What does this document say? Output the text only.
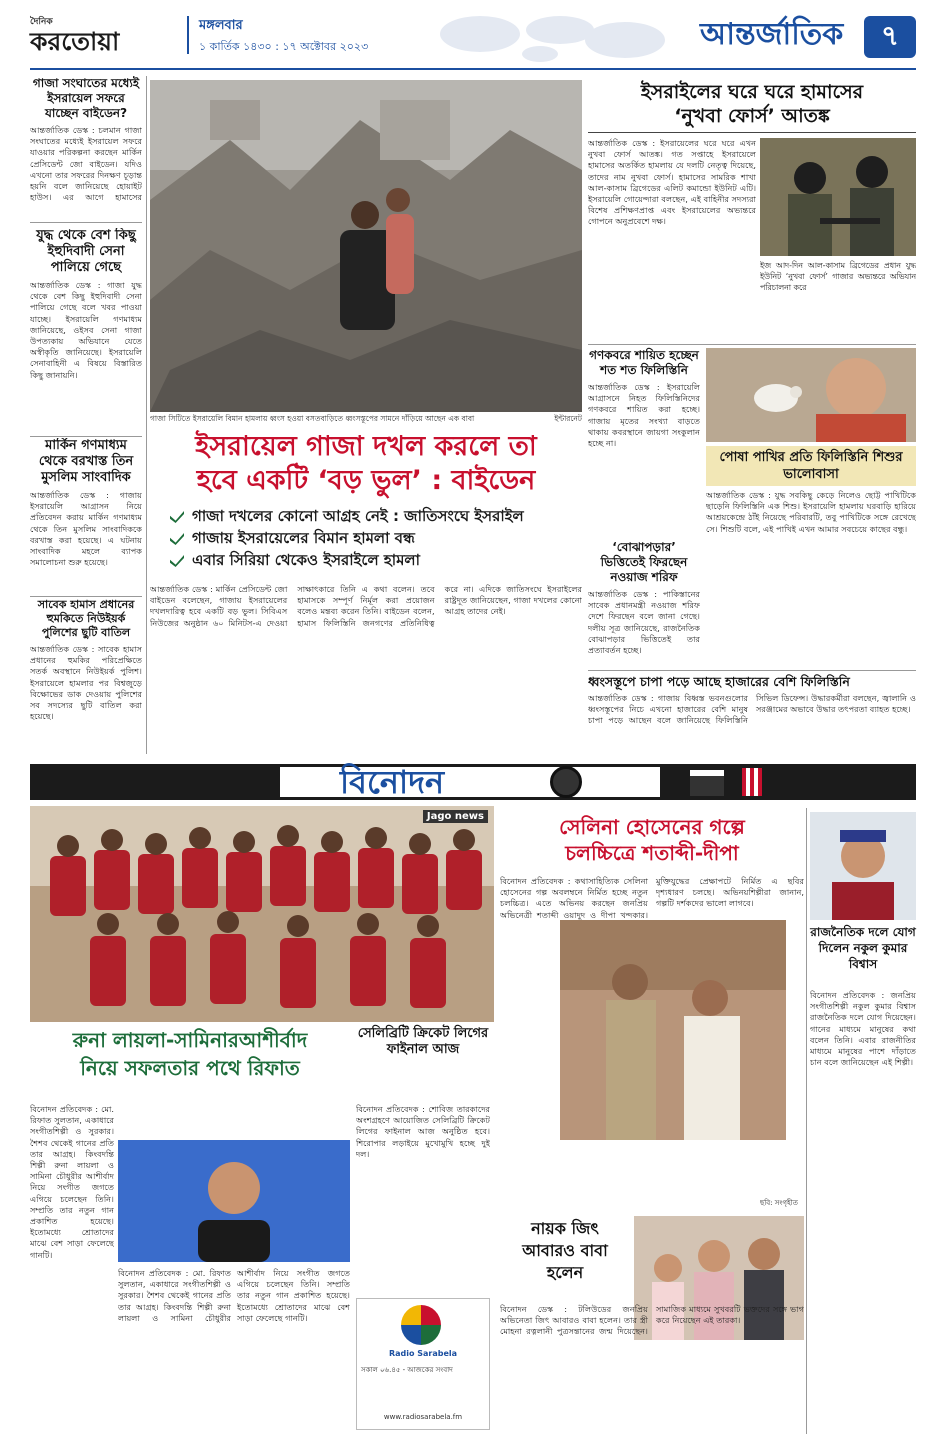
দৈনিক
করতোয়া
মঙ্গলবার
১ কার্তিক ১৪৩০ : ১৭ অক্টোবর ২০২৩	আন্তর্জাতিক ৭
গাজা সংঘাতের মধ্যেই ইসরায়েল সফরে যাচ্ছেন বাইডেন?
আন্তর্জাতিক ডেস্ক : চলমান গাজা সংঘাতের মধ্যেই ইসরায়েল সফরে যাওয়ার পরিকল্পনা করছেন মার্কিন প্রেসিডেন্ট জো বাইডেন। যদিও এখনো তার সফরের দিনক্ষণ চূড়ান্ত হয়নি বলে জানিয়েছে হোয়াইট হাউস। এর আগে হামাসের
যুদ্ধ থেকে বেশ কিছু ইহুদিবাদী সেনা পালিয়ে গেছে
আন্তর্জাতিক ডেস্ক : গাজা যুদ্ধ থেকে বেশ কিছু ইহুদিবাদী সেনা পালিয়ে গেছে বলে খবর পাওয়া যাচ্ছে। ইসরায়েলি গণমাধ্যম জানিয়েছে, ওইসব সেনা গাজা উপত্যকায় অভিযানে যেতে অস্বীকৃতি জানিয়েছে। ইসরায়েলি সেনাবাহিনী এ বিষয়ে বিস্তারিত কিছু জানায়নি।
মার্কিন গণমাধ্যম থেকে বরখাস্ত তিন মুসলিম সাংবাদিক
আন্তর্জাতিক ডেস্ক : গাজায় ইসরায়েলি আগ্রাসন নিয়ে প্রতিবেদন করায় মার্কিন গণমাধ্যম থেকে তিন মুসলিম সাংবাদিককে বরখাস্ত করা হয়েছে। এ ঘটনায় সাংবাদিক মহলে ব্যাপক সমালোচনা শুরু হয়েছে।
সাবেক হামাস প্রধানের হুমকিতে নিউইয়র্ক পুলিশের ছুটি বাতিল
আন্তর্জাতিক ডেস্ক : সাবেক হামাস প্রধানের হুমকির পরিপ্রেক্ষিতে সতর্ক অবস্থানে নিউইয়র্ক পুলিশ। ইসরায়েলে হামলার পর বিশ্বজুড়ে বিক্ষোভের ডাক দেওয়ায় পুলিশের সব সদস্যের ছুটি বাতিল করা হয়েছে।
গাজা সিটিতে ইসরায়েলি বিমান হামলায় ধ্বংস হওয়া বসতবাড়িতে ধ্বংসস্তূপের সামনে দাঁড়িয়ে আছেন এক বাবা	ইন্টারনেট
ইসরাইলের ঘরে ঘরে হামাসের
‘নুখবা ফোর্স’ আতঙ্ক
আন্তর্জাতিক ডেস্ক : ইসরায়েলের ঘরে ঘরে এখন নুখবা ফোর্স আতঙ্ক। গত সপ্তাহে ইসরায়েলে হামাসের অতর্কিত হামলায় যে দলটি নেতৃত্ব দিয়েছে, তাদের নাম নুখবা ফোর্স। হামাসের সামরিক শাখা আল-কাসাম ব্রিগেডের এলিট কমান্ডো ইউনিট এটি। ইসরায়েলি গোয়েন্দারা বলছেন, এই বাহিনীর সদস্যরা বিশেষ প্রশিক্ষণপ্রাপ্ত এবং ইসরায়েলের অভ্যন্তরে গোপনে অনুপ্রবেশে দক্ষ।
ইজ আদ-দিন আল-কাসাম ব্রিগেডের প্রধান যুদ্ধ ইউনিট ‘নুখবা ফোর্স’ গাজার অভ্যন্তরে অভিযান পরিচালনা করে
গণকবরে শায়িত হচ্ছেন শত শত ফিলিস্তিনি
আন্তর্জাতিক ডেস্ক : ইসরায়েলি আগ্রাসনে নিহত ফিলিস্তিনিদের গণকবরে শায়িত করা হচ্ছে। গাজায় মৃতের সংখ্যা বাড়তে থাকায় কবরস্থানে জায়গা সংকুলান হচ্ছে না।
ইসরায়েল গাজা দখল করলে তা
হবে একটি ‘বড় ভুল’ : বাইডেন
গাজা দখলের কোনো আগ্রহ নেই : জাতিসংঘে ইসরাইল
গাজায় ইসরায়েলের বিমান হামলা বন্ধ
এবার সিরিয়া থেকেও ইসরাইলে হামলা
আন্তর্জাতিক ডেস্ক : মার্কিন প্রেসিডেন্ট জো বাইডেন বলেছেন, গাজায় ইসরায়েলের দখলদারিত্ব হবে একটি বড় ভুল। সিবিএস নিউজের অনুষ্ঠান ৬০ মিনিটস-এ দেওয়া সাক্ষাৎকারে তিনি এ কথা বলেন। তবে হামাসকে সম্পূর্ণ নির্মূল করা প্রয়োজন বলেও মন্তব্য করেন তিনি। বাইডেন বলেন, হামাস ফিলিস্তিনি জনগণের প্রতিনিধিত্ব করে না। এদিকে জাতিসংঘে ইসরাইলের রাষ্ট্রদূত জানিয়েছেন, গাজা দখলের কোনো আগ্রহ তাদের নেই।
‘বোঝাপড়ার’ ভিত্তিতেই ফিরছেন নওয়াজ শরিফ
আন্তর্জাতিক ডেস্ক : পাকিস্তানের সাবেক প্রধানমন্ত্রী নওয়াজ শরিফ দেশে ফিরছেন বলে জানা গেছে। দলীয় সূত্র জানিয়েছে, রাজনৈতিক বোঝাপড়ার ভিত্তিতেই তার প্রত্যাবর্তন হচ্ছে।
পোষা পাখির প্রতি ফিলিস্তিনি শিশুর ভালোবাসা
আন্তর্জাতিক ডেস্ক : যুদ্ধ সবকিছু কেড়ে নিলেও ছোট্ট পাখিটিকে ছাড়েনি ফিলিস্তিনি এক শিশু। ইসরায়েলি হামলায় ঘরবাড়ি হারিয়ে আশ্রয়কেন্দ্রে ঠাঁই নিয়েছে পরিবারটি, তবু পাখিটিকে সঙ্গে রেখেছে সে। শিশুটি বলে, এই পাখিই এখন আমার সবচেয়ে কাছের বন্ধু।
ধ্বংসস্তূপে চাপা পড়ে আছে হাজারের বেশি ফিলিস্তিনি
আন্তর্জাতিক ডেস্ক : গাজায় বিধ্বস্ত ভবনগুলোর ধ্বংসস্তূপের নিচে এখনো হাজারের বেশি মানুষ চাপা পড়ে আছেন বলে জানিয়েছে ফিলিস্তিনি সিভিল ডিফেন্স। উদ্ধারকর্মীরা বলছেন, জ্বালানি ও সরঞ্জামের অভাবে উদ্ধার তৎপরতা ব্যাহত হচ্ছে।
বিনোদন
Jago news	সেলিনা হোসেনের গল্পে
চলচ্চিত্রে শতাব্দী-দীপা
বিনোদন প্রতিবেদক : কথাসাহিত্যিক সেলিনা হোসেনের গল্প অবলম্বনে নির্মিত হচ্ছে নতুন চলচ্চিত্র। এতে অভিনয় করছেন জনপ্রিয় অভিনেত্রী শতাব্দী ওয়াদুদ ও দীপা খন্দকার। মুক্তিযুদ্ধের প্রেক্ষাপটে নির্মিত এ ছবির দৃশ্যধারণ চলছে। অভিনয়শিল্পীরা জানান, গল্পটি দর্শকদের ভালো লাগবে।
ছবি: সংগৃহীত
রাজনৈতিক দলে যোগ দিলেন নকুল কুমার বিশ্বাস
বিনোদন প্রতিবেদক : জনপ্রিয় সংগীতশিল্পী নকুল কুমার বিশ্বাস রাজনৈতিক দলে যোগ দিয়েছেন। গানের মাধ্যমে মানুষের কথা বলেন তিনি। এবার রাজনীতির মাধ্যমে মানুষের পাশে দাঁড়াতে চান বলে জানিয়েছেন এই শিল্পী।
রুনা লায়লা-সামিনারআশীর্বাদ
নিয়ে সফলতার পথে রিফাত
বিনোদন প্রতিবেদক : মো. রিফাত সুলতান, একাধারে সংগীতশিল্পী ও সুরকার। শৈশব থেকেই গানের প্রতি তার আগ্রহ। কিংবদন্তি শিল্পী রুনা লায়লা ও সামিনা চৌধুরীর আশীর্বাদ নিয়ে সংগীত জগতে এগিয়ে চলেছেন তিনি। সম্প্রতি তার নতুন গান প্রকাশিত হয়েছে। ইতোমধ্যে শ্রোতাদের মাঝে বেশ সাড়া ফেলেছে গানটি।
বিনোদন প্রতিবেদক : মো. রিফাত সুলতান, একাধারে সংগীতশিল্পী ও সুরকার। শৈশব থেকেই গানের প্রতি তার আগ্রহ। কিংবদন্তি শিল্পী রুনা লায়লা ও সামিনা চৌধুরীর আশীর্বাদ নিয়ে সংগীত জগতে এগিয়ে চলেছেন তিনি। সম্প্রতি তার নতুন গান প্রকাশিত হয়েছে। ইতোমধ্যে শ্রোতাদের মাঝে বেশ সাড়া ফেলেছে গানটি।
সেলিব্রিটি ক্রিকেট লিগের ফাইনাল আজ
বিনোদন প্রতিবেদক : শোবিজ তারকাদের অংশগ্রহণে আয়োজিত সেলিব্রিটি ক্রিকেট লিগের ফাইনাল আজ অনুষ্ঠিত হবে। শিরোপার লড়াইয়ে মুখোমুখি হচ্ছে দুই দল।
Radio Sarabela
সকাল ০৬.৪৫ - আজকের সংবাদ
www.radiosarabela.fm
নায়ক জিৎ
আবারও বাবা
হলেন
বিনোদন ডেস্ক : টলিউডের জনপ্রিয় অভিনেতা জিৎ আবারও বাবা হলেন। তার স্ত্রী মোহনা রত্নলানী পুত্রসন্তানের জন্ম দিয়েছেন। সামাজিক মাধ্যমে সুখবরটি ভক্তদের সঙ্গে ভাগ করে নিয়েছেন এই তারকা।
